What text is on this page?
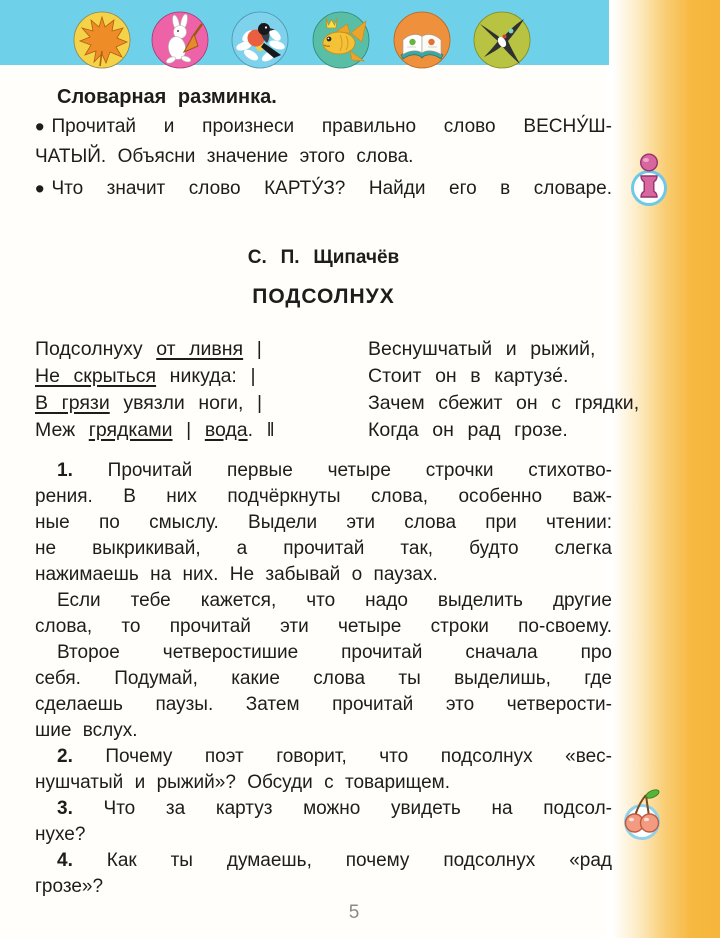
Словарная разминка.
• Прочитай и произнеси правильно слово ВЕСНУ́Ш-
ЧАТЫЙ. Объясни значение этого слова.
• Что значит слово КАРТУ́З? Найди его в словаре.
С. П. Щипачёв
ПОДСОЛНУХ
Подсолнуху от ливня |
Не скрыться никуда: |
В грязи увязли ноги, |
Меж грядками | вода. ‖
Веснушчатый и рыжий,
Стоит он в картузе́.
Зачем сбежит он с грядки,
Когда он рад грозе.
1. Прочитай первые четыре строчки стихотво-
рения. В них подчёркнуты слова, особенно важ-
ные по смыслу. Выдели эти слова при чтении:
не выкрикивай, а прочитай так, будто слегка
нажимаешь на них. Не забывай о паузах.
Если тебе кажется, что надо выделить другие
слова, то прочитай эти четыре строки по-своему.
Второе четверостишие прочитай сначала про
себя. Подумай, какие слова ты выделишь, где
сделаешь паузы. Затем прочитай это четверости-
шие вслух.
2. Почему поэт говорит, что подсолнух «вес-
нушчатый и рыжий»? Обсуди с товарищем.
3. Что за картуз можно увидеть на подсол-
нухе?
4. Как ты думаешь, почему подсолнух «рад
грозе»?
5
